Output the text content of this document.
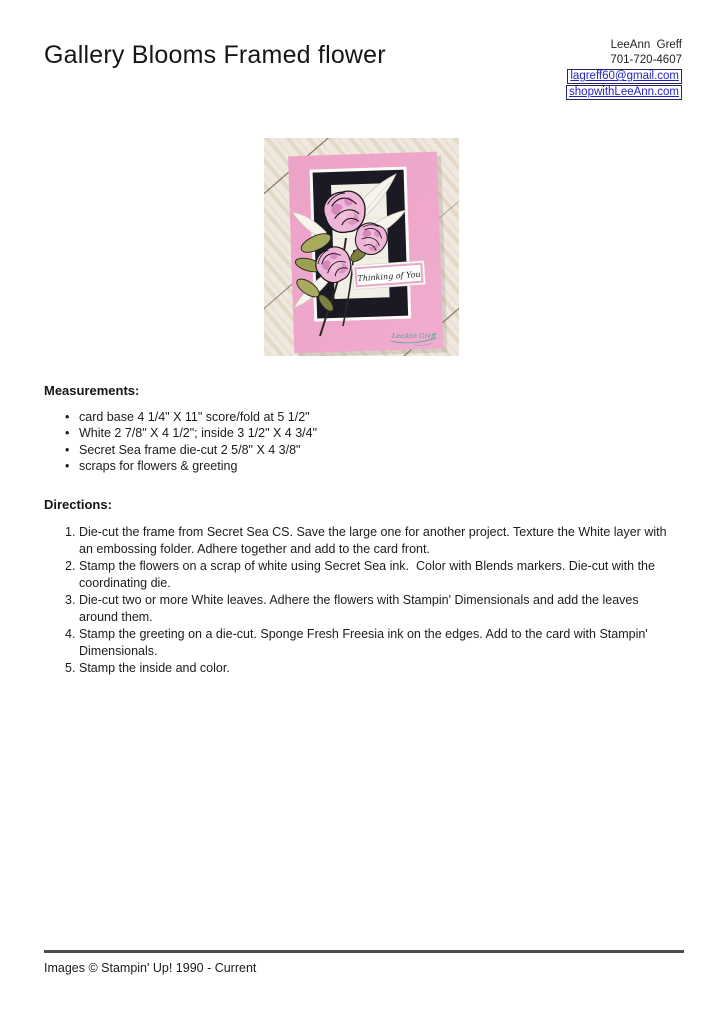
Gallery Blooms Framed flower	LeeAnn  Greff
701-720-4607
lagreff60@gmail.com
shopwithLeeAnn.com
Thinking of You
LeeAnn Greff
Measurements:
• card base 4 1/4" X 11" score/fold at 5 1/2"
• White 2 7/8" X 4 1/2"; inside 3 1/2" X 4 3/4"
• Secret Sea frame die-cut 2 5/8" X 4 3/8"
• scraps for flowers & greeting
Directions:
1. Die-cut the frame from Secret Sea CS. Save the large one for another project. Texture the White layer with an embossing folder. Adhere together and add to the card front.
2. Stamp the flowers on a scrap of white using Secret Sea ink.  Color with Blends markers. Die-cut with the coordinating die.
3. Die-cut two or more White leaves. Adhere the flowers with Stampin' Dimensionals and add the leaves around them.
4. Stamp the greeting on a die-cut. Sponge Fresh Freesia ink on the edges. Add to the card with Stampin' Dimensionals.
5. Stamp the inside and color.
Images © Stampin' Up! 1990 - Current
